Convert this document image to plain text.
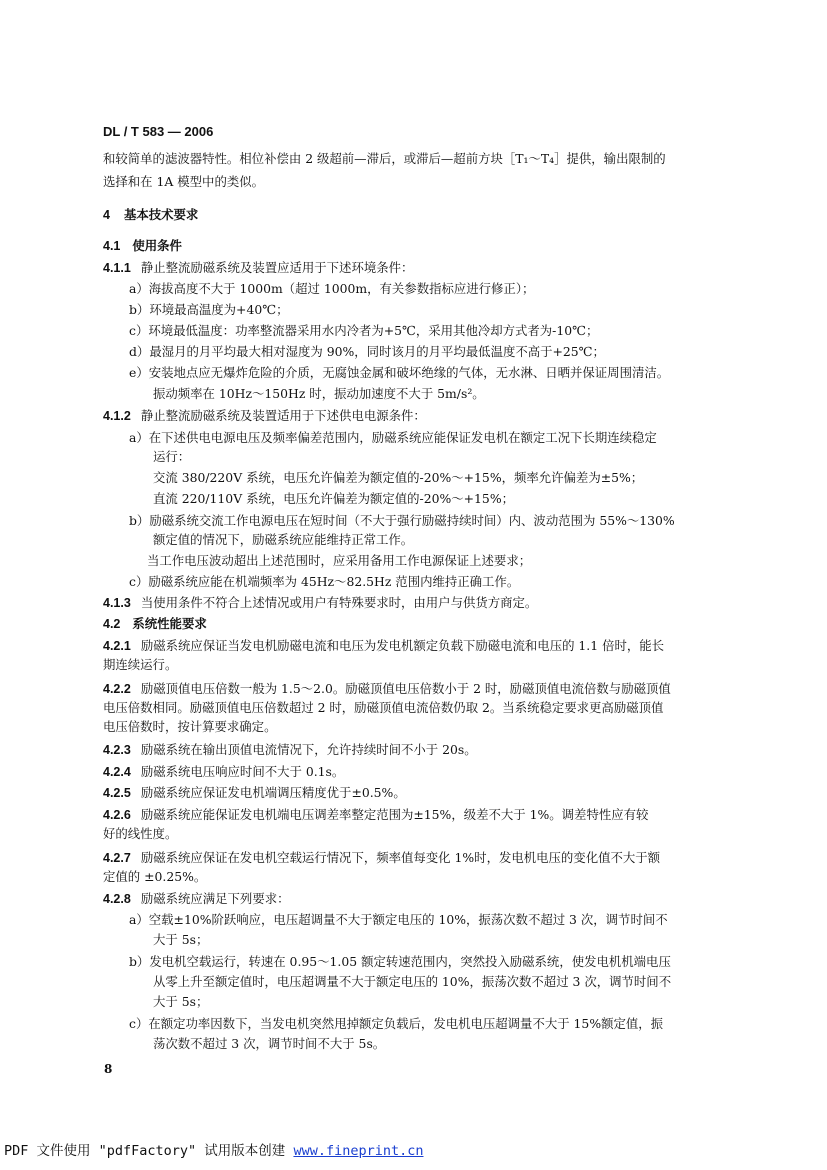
DL / T 583 — 2006
和较简单的滤波器特性。相位补偿由 2 级超前—滞后，或滞后—超前方块［T₁～T₄］提供，输出限制的
选择和在 1A 模型中的类似。
4 基本技术要求
4.1 使用条件
4.1.1 静止整流励磁系统及装置应适用于下述环境条件：
a）海拔高度不大于 1000m（超过 1000m，有关参数指标应进行修正）；
b）环境最高温度为+40℃；
c）环境最低温度：功率整流器采用水内冷者为+5℃，采用其他冷却方式者为-10℃；
d）最湿月的月平均最大相对湿度为 90%，同时该月的月平均最低温度不高于+25℃；
e）安装地点应无爆炸危险的介质，无腐蚀金属和破坏绝缘的气体，无水淋、日晒并保证周围清洁。
振动频率在 10Hz～150Hz 时，振动加速度不大于 5m/s²。
4.1.2 静止整流励磁系统及装置适用于下述供电电源条件：
a）在下述供电电源电压及频率偏差范围内，励磁系统应能保证发电机在额定工况下长期连续稳定
运行：
交流 380/220V 系统，电压允许偏差为额定值的-20%～+15%，频率允许偏差为±5%；
直流 220/110V 系统，电压允许偏差为额定值的-20%～+15%；
b）励磁系统交流工作电源电压在短时间（不大于强行励磁持续时间）内、波动范围为 55%～130%
额定值的情况下，励磁系统应能维持正常工作。
当工作电压波动超出上述范围时，应采用备用工作电源保证上述要求；
c）励磁系统应能在机端频率为 45Hz～82.5Hz 范围内维持正确工作。
4.1.3 当使用条件不符合上述情况或用户有特殊要求时，由用户与供货方商定。
4.2 系统性能要求
4.2.1 励磁系统应保证当发电机励磁电流和电压为发电机额定负载下励磁电流和电压的 1.1 倍时，能长
期连续运行。
4.2.2 励磁顶值电压倍数一般为 1.5～2.0。励磁顶值电压倍数小于 2 时，励磁顶值电流倍数与励磁顶值
电压倍数相同。励磁顶值电压倍数超过 2 时，励磁顶值电流倍数仍取 2。当系统稳定要求更高励磁顶值
电压倍数时，按计算要求确定。
4.2.3 励磁系统在输出顶值电流情况下，允许持续时间不小于 20s。
4.2.4 励磁系统电压响应时间不大于 0.1s。
4.2.5 励磁系统应保证发电机端调压精度优于±0.5%。
4.2.6 励磁系统应能保证发电机端电压调差率整定范围为±15%，级差不大于 1%。调差特性应有较
好的线性度。
4.2.7 励磁系统应保证在发电机空载运行情况下，频率值每变化 1%时，发电机电压的变化值不大于额
定值的 ±0.25%。
4.2.8 励磁系统应满足下列要求：
a）空载±10%阶跃响应，电压超调量不大于额定电压的 10%，振荡次数不超过 3 次，调节时间不
大于 5s；
b）发电机空载运行，转速在 0.95～1.05 额定转速范围内，突然投入励磁系统，使发电机机端电压
从零上升至额定值时，电压超调量不大于额定电压的 10%，振荡次数不超过 3 次，调节时间不
大于 5s；
c）在额定功率因数下，当发电机突然甩掉额定负载后，发电机电压超调量不大于 15%额定值，振
荡次数不超过 3 次，调节时间不大于 5s。
8
PDF 文件使用 "pdfFactory" 试用版本创建 www.fineprint.cn
